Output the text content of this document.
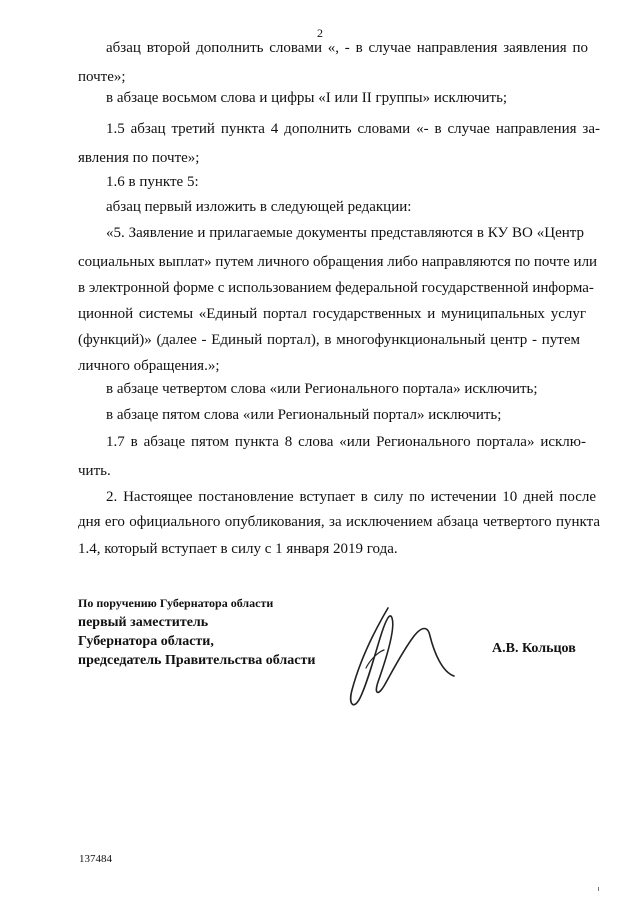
2
абзац второй дополнить словами «, - в случае направления заявления по
почте»;
в абзаце восьмом слова и цифры «I или II группы» исключить;
1.5 абзац третий пункта 4 дополнить словами «- в случае направления за-
явления по почте»;
1.6 в пункте 5:
абзац первый изложить в следующей редакции:
«5. Заявление и прилагаемые документы представляются в КУ ВО «Центр
социальных выплат» путем личного обращения либо направляются по почте или
в электронной форме с использованием федеральной государственной информа-
ционной системы «Единый портал государственных и муниципальных услуг
(функций)» (далее - Единый портал), в многофункциональный центр - путем
личного обращения.»;
в абзаце четвертом слова «или Регионального портала» исключить;
в абзаце пятом слова «или Региональный портал» исключить;
1.7 в абзаце пятом пункта 8 слова «или Регионального портала» исклю-
чить.
2. Настоящее постановление вступает в силу по истечении 10 дней после
дня его официального опубликования, за исключением абзаца четвертого пункта
1.4, который вступает в силу с 1 января 2019 года.
По поручению Губернатора области
первый заместитель
Губернатора области,
председатель Правительства области
А.В. Кольцов
137484
